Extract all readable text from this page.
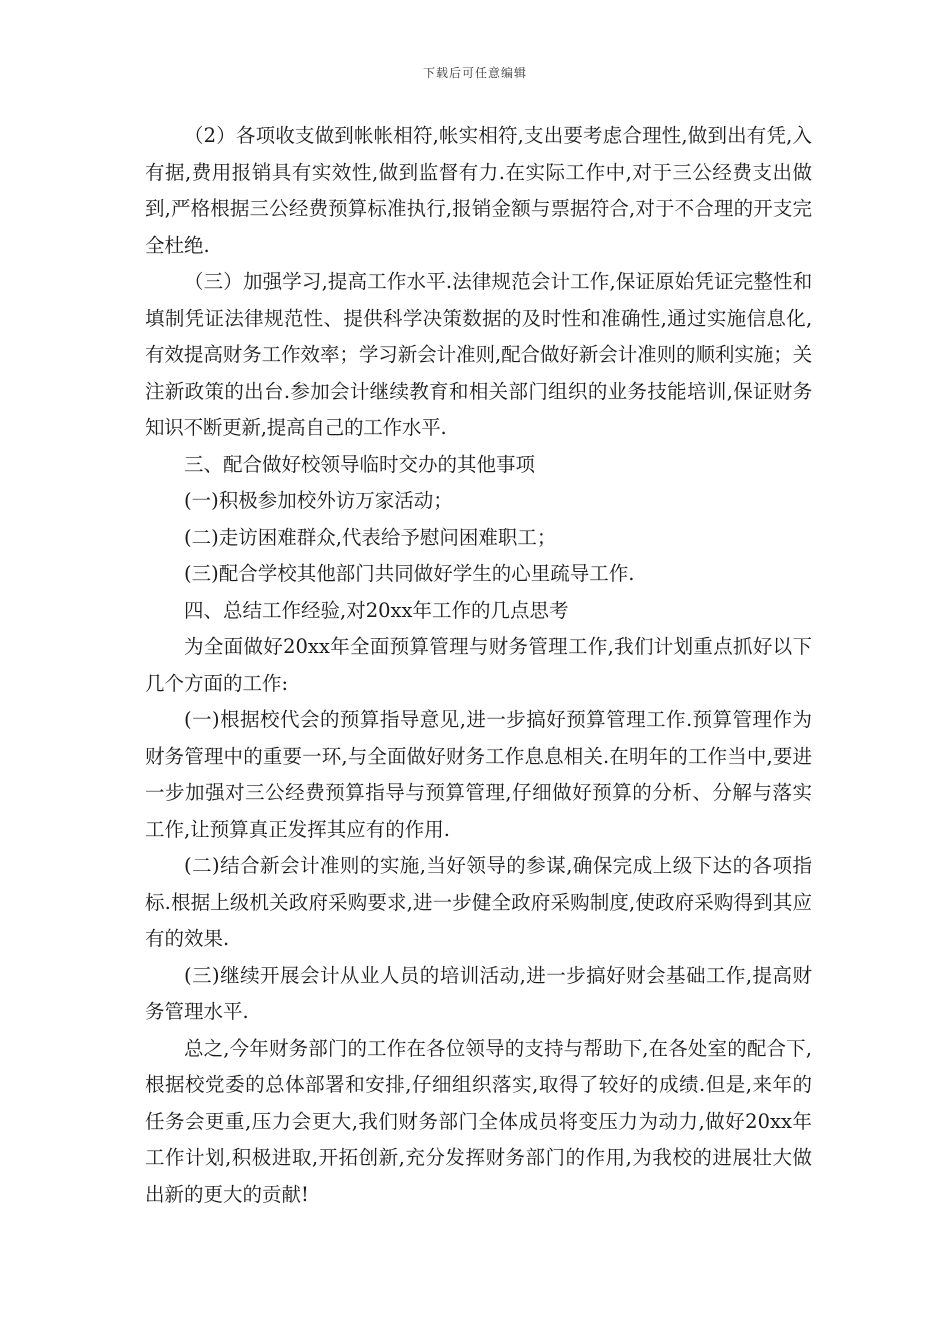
下载后可任意编辑

（2）各项收支做到帐帐相符,帐实相符,支出要考虑合理性,做到出有凭,入有据,费用报销具有实效性,做到监督有力.在实际工作中,对于三公经费支出做到,严格根据三公经费预算标准执行,报销金额与票据符合,对于不合理的开支完全杜绝.

（三）加强学习,提高工作水平.法律规范会计工作,保证原始凭证完整性和填制凭证法律规范性、提供科学决策数据的及时性和准确性,通过实施信息化,有效提高财务工作效率；学习新会计准则,配合做好新会计准则的顺利实施；关注新政策的出台.参加会计继续教育和相关部门组织的业务技能培训,保证财务知识不断更新,提高自己的工作水平.

三、配合做好校领导临时交办的其他事项

(一)积极参加校外访万家活动；

(二)走访困难群众,代表给予慰问困难职工；

(三)配合学校其他部门共同做好学生的心里疏导工作.

四、总结工作经验,对20xx年工作的几点思考

为全面做好20xx年全面预算管理与财务管理工作,我们计划重点抓好以下几个方面的工作:

(一)根据校代会的预算指导意见,进一步搞好预算管理工作.预算管理作为财务管理中的重要一环,与全面做好财务工作息息相关.在明年的工作当中,要进一步加强对三公经费预算指导与预算管理,仔细做好预算的分析、分解与落实工作,让预算真正发挥其应有的作用.

(二)结合新会计准则的实施,当好领导的参谋,确保完成上级下达的各项指标.根据上级机关政府采购要求,进一步健全政府采购制度,使政府采购得到其应有的效果.

(三)继续开展会计从业人员的培训活动,进一步搞好财会基础工作,提高财务管理水平.

总之,今年财务部门的工作在各位领导的支持与帮助下,在各处室的配合下,根据校党委的总体部署和安排,仔细组织落实,取得了较好的成绩.但是,来年的任务会更重,压力会更大,我们财务部门全体成员将变压力为动力,做好20xx年工作计划,积极进取,开拓创新,充分发挥财务部门的作用,为我校的进展壮大做出新的更大的贡献!
